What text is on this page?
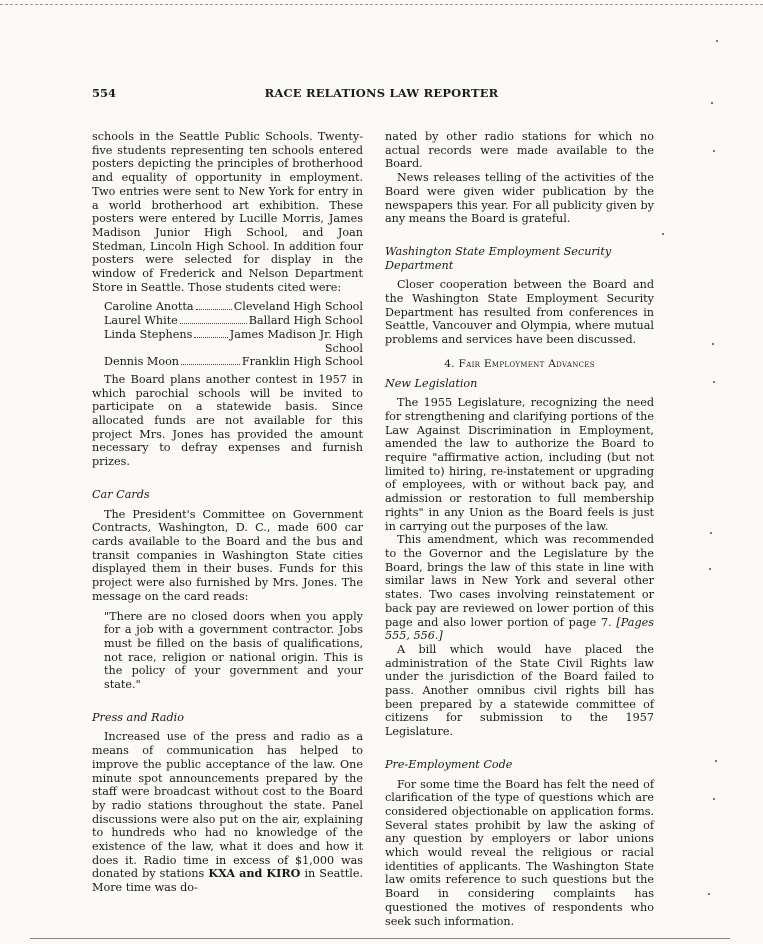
554	RACE RELATIONS LAW REPORTER

schools in the Seattle Public Schools. Twenty-five students representing ten schools entered posters depicting the principles of brotherhood and equality of opportunity in employment. Two entries were sent to New York for entry in a world brotherhood art exhibition. These posters were entered by Lucille Morris, James Madison Junior High School, and Joan Stedman, Lincoln High School. In addition four posters were selected for display in the window of Frederick and Nelson Department Store in Seattle. Those students cited were:

Caroline Anotta	Cleveland High School
Laurel White	Ballard High School
Linda Stephens	James Madison Jr. High
School
Dennis Moon	Franklin High School

The Board plans another contest in 1957 in which parochial schools will be invited to participate on a statewide basis. Since allocated funds are not available for this project Mrs. Jones has provided the amount necessary to defray expenses and furnish prizes.

Car Cards

The President's Committee on Government Contracts, Washington, D. C., made 600 car cards available to the Board and the bus and transit companies in Washington State cities displayed them in their buses. Funds for this project were also furnished by Mrs. Jones. The message on the card reads:

"There are no closed doors when you apply for a job with a government contractor. Jobs must be filled on the basis of qualifications, not race, religion or national origin. This is the policy of your government and your state."

Press and Radio

Increased use of the press and radio as a means of communication has helped to improve the public acceptance of the law. One minute spot announcements prepared by the staff were broadcast without cost to the Board by radio stations throughout the state. Panel discussions were also put on the air, explaining to hundreds who had no knowledge of the existence of the law, what it does and how it does it. Radio time in excess of $1,000 was donated by stations KXA and KIRO in Seattle. More time was do-

nated by other radio stations for which no actual records were made available to the Board.

News releases telling of the activities of the Board were given wider publication by the newspapers this year. For all publicity given by any means the Board is grateful.

Washington State Employment Security Department

Closer cooperation between the Board and the Washington State Employment Security Department has resulted from conferences in Seattle, Vancouver and Olympia, where mutual problems and services have been discussed.

4. Fair Employment Advances
New Legislation

The 1955 Legislature, recognizing the need for strengthening and clarifying portions of the Law Against Discrimination in Employment, amended the law to authorize the Board to require "affirmative action, including (but not limited to) hiring, re-instatement or upgrading of employees, with or without back pay, and admission or restoration to full membership rights" in any Union as the Board feels is just in carrying out the purposes of the law.

This amendment, which was recommended to the Governor and the Legislature by the Board, brings the law of this state in line with similar laws in New York and several other states. Two cases involving reinstatement or back pay are reviewed on lower portion of this page and also lower portion of page 7. [Pages 555, 556.]

A bill which would have placed the administration of the State Civil Rights law under the jurisdiction of the Board failed to pass. Another omnibus civil rights bill has been prepared by a statewide committee of citizens for submission to the 1957 Legislature.

Pre-Employment Code

For some time the Board has felt the need of clarification of the type of questions which are considered objectionable on application forms. Several states prohibit by law the asking of any question by employers or labor unions which would reveal the religious or racial identities of applicants. The Washington State law omits reference to such questions but the Board in considering complaints has questioned the motives of respondents who seek such information.
